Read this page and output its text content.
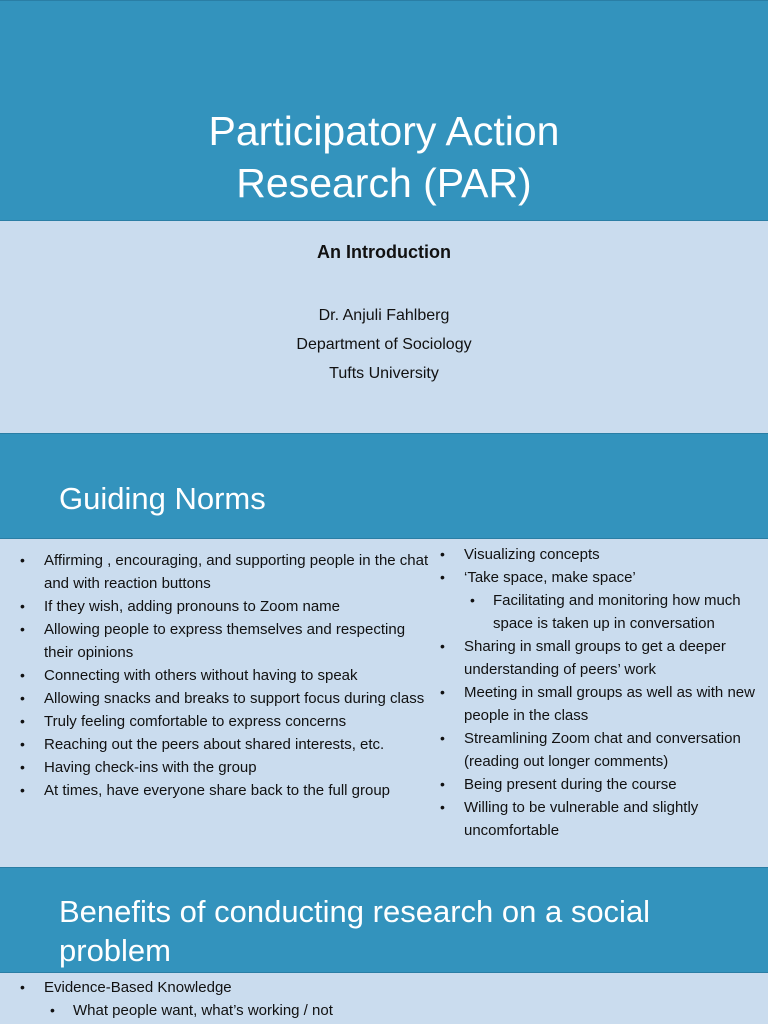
Participatory Action
Research (PAR)
An Introduction
Dr. Anjuli Fahlberg
Department of Sociology
Tufts University
Guiding Norms
• Affirming , encouraging, and supporting people in the chat and with reaction buttons
• If they wish, adding pronouns to Zoom name
• Allowing people to express themselves and respecting their opinions
• Connecting with others without having to speak
• Allowing snacks and breaks to support focus during class
• Truly feeling comfortable to express concerns
• Reaching out the peers about shared interests, etc.
• Having check-ins with the group
• At times, have everyone share back to the full group
• Visualizing concepts
• ‘Take space, make space’
• Facilitating and monitoring how much space is taken up in conversation
• Sharing in small groups to get a deeper understanding of peers’ work
• Meeting in small groups as well as with new people in the class
• Streamlining Zoom chat and conversation (reading out longer comments)
• Being present during the course
• Willing to be vulnerable and slightly uncomfortable
Benefits of conducting research on a social problem
• Evidence-Based Knowledge
• What people want, what’s working / not
